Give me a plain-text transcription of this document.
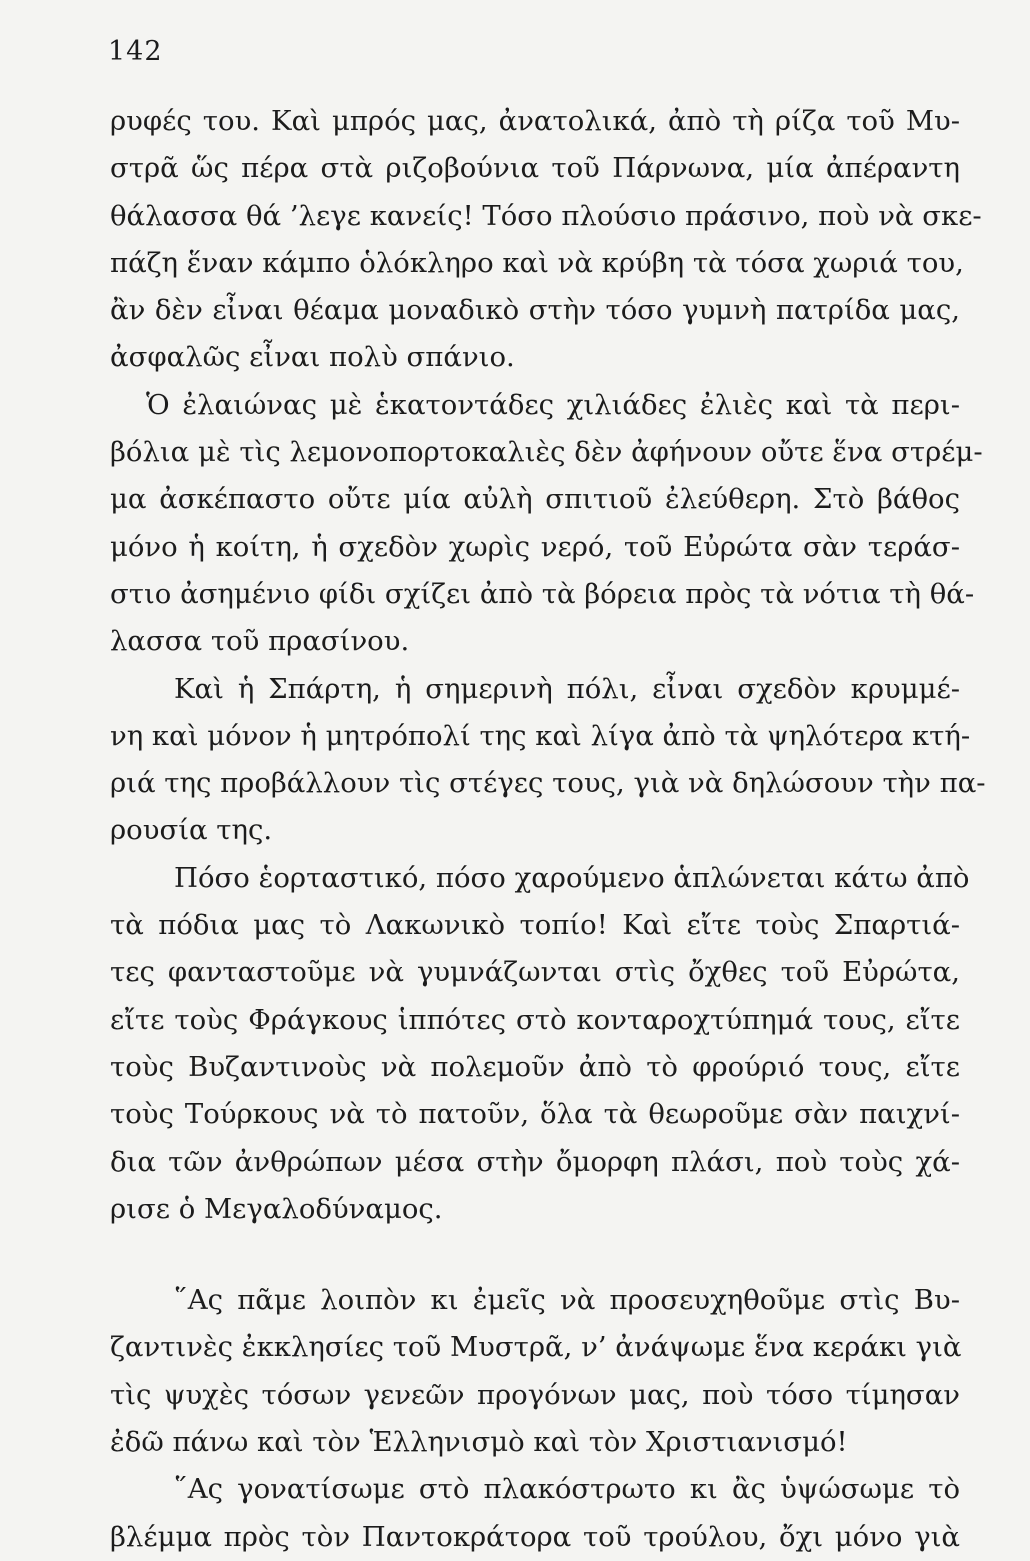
142
ρυφές του. Καὶ μπρός μας, ἀνατολικά, ἀπὸ τὴ ρίζα τοῦ Μυ-
στρᾶ ὥς πέρα στὰ ριζοβούνια τοῦ Πάρνωνα, μία ἀπέραντη
θάλασσα θά ’λεγε κανείς! Τόσο πλούσιο πράσινο, ποὺ νὰ σκε-
πάζη ἕναν κάμπο ὁλόκληρο καὶ νὰ κρύβη τὰ τόσα χωριά του,
ἂν δὲν εἶναι θέαμα μοναδικὸ στὴν τόσο γυμνὴ πατρίδα μας,
ἀσφαλῶς εἶναι πολὺ σπάνιο.
Ὁ ἐλαιώνας μὲ ἑκατοντάδες χιλιάδες ἐλιὲς καὶ τὰ περι-
βόλια μὲ τὶς λεμονοπορτοκαλιὲς δὲν ἀφήνουν οὔτε ἕνα στρέμ-
μα ἀσκέπαστο οὔτε μία αὐλὴ σπιτιοῦ ἐλεύθερη. Στὸ βάθος
μόνο ἡ κοίτη, ἡ σχεδὸν χωρὶς νερό, τοῦ Εὐρώτα σὰν τεράσ-
στιο ἀσημένιο φίδι σχίζει ἀπὸ τὰ βόρεια πρὸς τὰ νότια τὴ θά-
λασσα τοῦ πρασίνου.
Καὶ ἡ Σπάρτη, ἡ σημερινὴ πόλι, εἶναι σχεδὸν κρυμμέ-
νη καὶ μόνον ἡ μητρόπολί της καὶ λίγα ἀπὸ τὰ ψηλότερα κτή-
ριά της προβάλλουν τὶς στέγες τους, γιὰ νὰ δηλώσουν τὴν πα-
ρουσία της.
Πόσο ἑορταστικό, πόσο χαρούμενο ἁπλώνεται κάτω ἀπὸ
τὰ πόδια μας τὸ Λακωνικὸ τοπίο! Καὶ εἴτε τοὺς Σπαρτιά-
τες φανταστοῦμε νὰ γυμνάζωνται στὶς ὄχθες τοῦ Εὐρώτα,
εἴτε τοὺς Φράγκους ἱππότες στὸ κονταροχτύπημά τους, εἴτε
τοὺς Βυζαντινοὺς νὰ πολεμοῦν ἀπὸ τὸ φρούριό τους, εἴτε
τοὺς Τούρκους νὰ τὸ πατοῦν, ὅλα τὰ θεωροῦμε σὰν παιχνί-
δια τῶν ἀνθρώπων μέσα στὴν ὄμορφη πλάσι, ποὺ τοὺς χά-
ρισε ὁ Μεγαλοδύναμος.
῞Ας πᾶμε λοιπὸν κι ἐμεῖς νὰ προσευχηθοῦμε στὶς Βυ-
ζαντινὲς ἐκκλησίες τοῦ Μυστρᾶ, ν’ ἀνάψωμε ἕνα κεράκι γιὰ
τὶς ψυχὲς τόσων γενεῶν προγόνων μας, ποὺ τόσο τίμησαν
ἐδῶ πάνω καὶ τὸν Ἑλληνισμὸ καὶ τὸν Χριστιανισμό!
῞Ας γονατίσωμε στὸ πλακόστρωτο κι ἂς ὑψώσωμε τὸ
βλέμμα πρὸς τὸν Παντοκράτορα τοῦ τρούλου, ὄχι μόνο γιὰ
